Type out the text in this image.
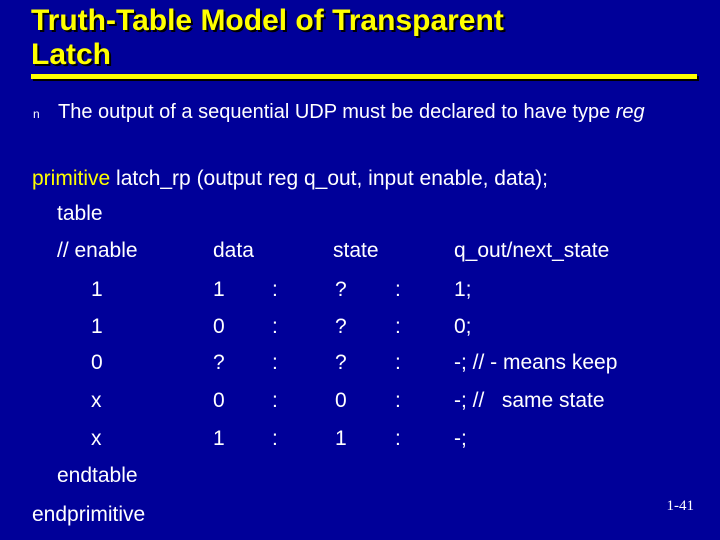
Truth-Table Model of Transparent
Latch
n The output of a sequential UDP must be declared to have type reg
primitive latch_rp (output reg q_out, input enable, data);
table
// enable	data	state	q_out/next_state
1	1 :	? :	1;
1	0 :	? :	0;
0	? :	? :	-; // - means keep
x	0 :	0 :	-; //   same state
x	1 :	1 :	-;
endtable
endprimitive	1-41
